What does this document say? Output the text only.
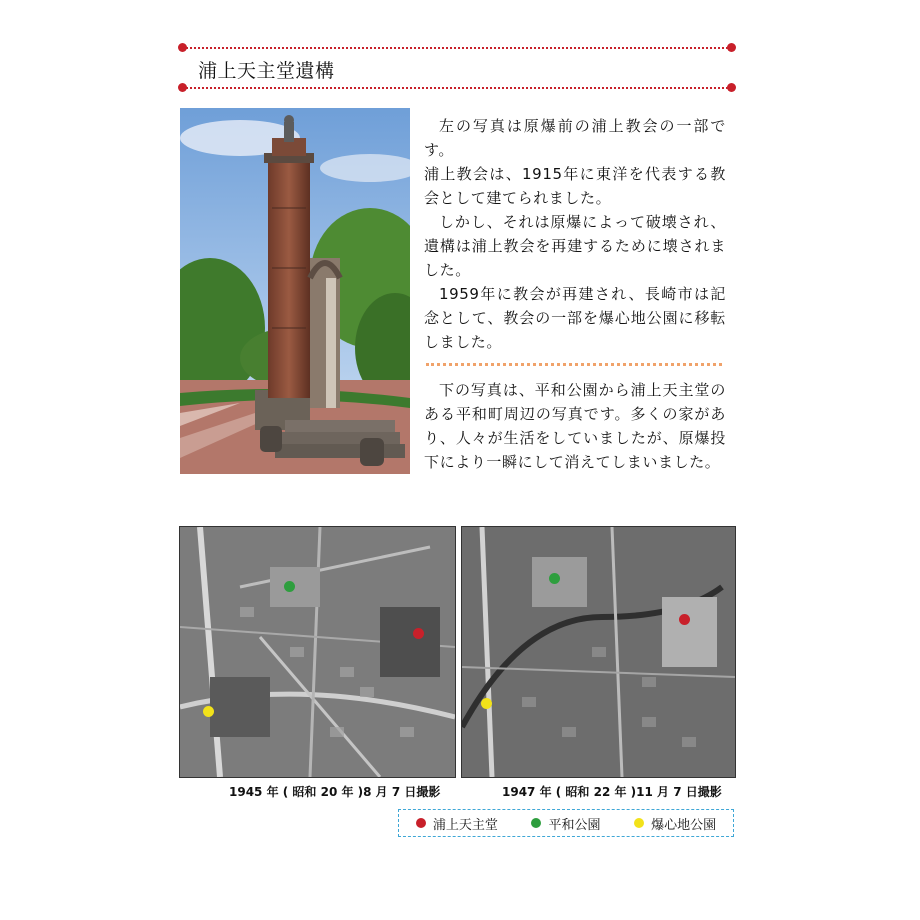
浦上天主堂遺構

左の写真は原爆前の浦上教会の一部です。

浦上教会は、1915年に東洋を代表する教会として建てられました。

しかし、それは原爆によって破壊され、遺構は浦上教会を再建するために壊されました。

1959年に教会が再建され、長崎市は記念として、教会の一部を爆心地公園に移転しました。

下の写真は、平和公園から浦上天主堂のある平和町周辺の写真です。多くの家があり、人々が生活をしていましたが、原爆投下により一瞬にして消えてしまいました。

1945 年 ( 昭和 20 年 )8 月 7 日撮影	1947 年 ( 昭和 22 年 )11 月 7 日撮影
浦上天主堂	平和公園	爆心地公園
